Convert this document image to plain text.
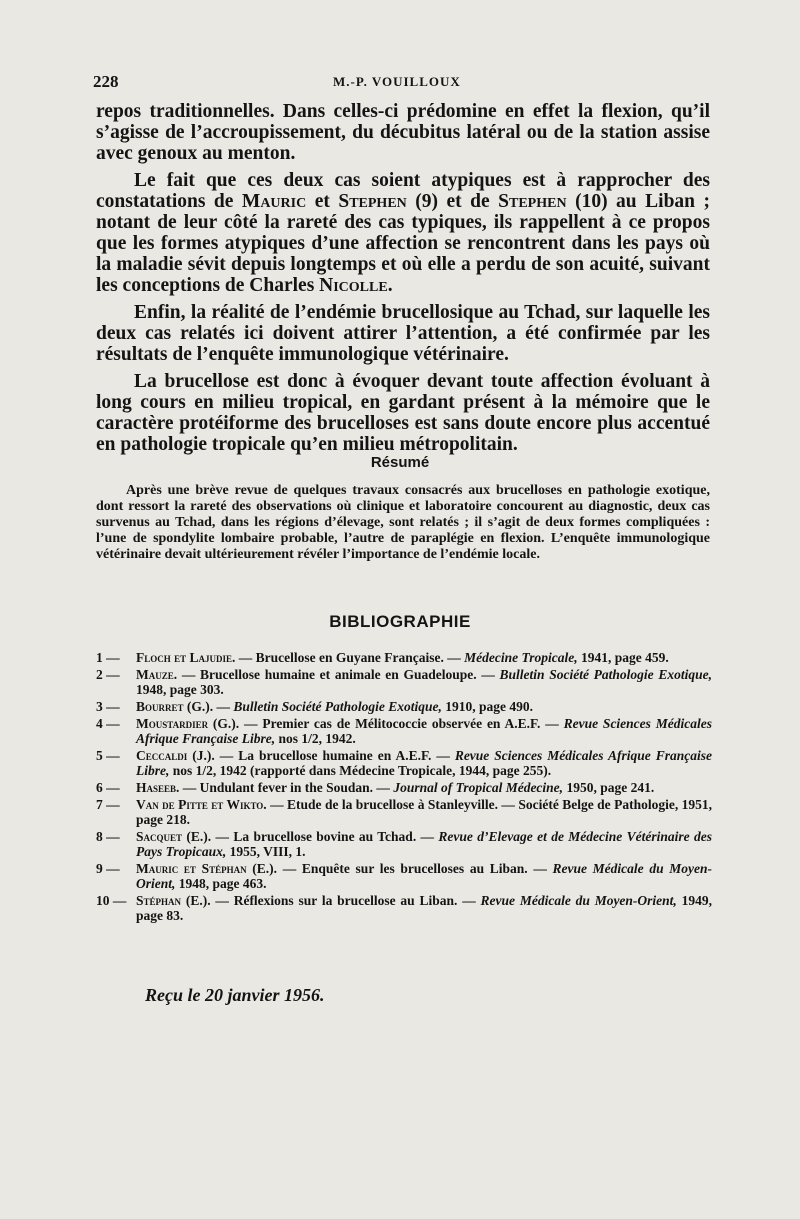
228	M.-P. VOUILLOUX

repos traditionnelles. Dans celles-ci prédomine en effet la flexion, qu’il s’agisse de l’accroupissement, du décubitus latéral ou de la station assise avec genoux au menton.

Le fait que ces deux cas soient atypiques est à rapprocher des constatations de Mauric et Stephen (9) et de Stephen (10) au Liban ; notant de leur côté la rareté des cas typiques, ils rappellent à ce propos que les formes atypiques d’une affection se rencontrent dans les pays où la maladie sévit depuis longtemps et où elle a perdu de son acuité, suivant les conceptions de Charles Nicolle.

Enfin, la réalité de l’endémie brucellosique au Tchad, sur laquelle les deux cas relatés ici doivent attirer l’attention, a été confirmée par les résultats de l’enquête immunologique vétérinaire.

La brucellose est donc à évoquer devant toute affection évoluant à long cours en milieu tropical, en gardant présent à la mémoire que le caractère protéiforme des brucelloses est sans doute encore plus accentué en pathologie tropicale qu’en milieu métropolitain.

Résumé

Après une brève revue de quelques travaux consacrés aux brucelloses en pathologie exotique, dont ressort la rareté des observations où clinique et laboratoire concourent au diagnostic, deux cas survenus au Tchad, dans les régions d’élevage, sont relatés ; il s’agit de deux formes compliquées : l’une de spondylite lombaire probable, l’autre de paraplégie en flexion. L’enquête immunologique vétérinaire devait ultérieurement révéler l’importance de l’endémie locale.

BIBLIOGRAPHIE
1 —	Floch et Lajudie. — Brucellose en Guyane Française. — Médecine Tropicale, 1941, page 459.
2 —	Mauze. — Brucellose humaine et animale en Guadeloupe. — Bulletin Société Pathologie Exotique, 1948, page 303.
3 —	Bourret (G.). — Bulletin Société Pathologie Exotique, 1910, page 490.
4 —	Moustardier (G.). — Premier cas de Mélitococcie observée en A.E.F. — Revue Sciences Médicales Afrique Française Libre, nos 1/2, 1942.
5 —	Ceccaldi (J.). — La brucellose humaine en A.E.F. — Revue Sciences Médicales Afrique Française Libre, nos 1/2, 1942 (rapporté dans Médecine Tropicale, 1944, page 255).
6 —	Haseeb. — Undulant fever in the Soudan. — Journal of Tropical Médecine, 1950, page 241.
7 —	Van de Pitte et Wikto. — Etude de la brucellose à Stanleyville. — Société Belge de Pathologie, 1951, page 218.
8 —	Sacquet (E.). — La brucellose bovine au Tchad. — Revue d’Elevage et de Médecine Vétérinaire des Pays Tropicaux, 1955, VIII, 1.
9 —	Mauric et Stéphan (E.). — Enquête sur les brucelloses au Liban. — Revue Médicale du Moyen-Orient, 1948, page 463.
10 — Stéphan (E.). — Réflexions sur la brucellose au Liban. — Revue Médicale du Moyen-Orient, 1949, page 83.
Reçu le 20 janvier 1956.
